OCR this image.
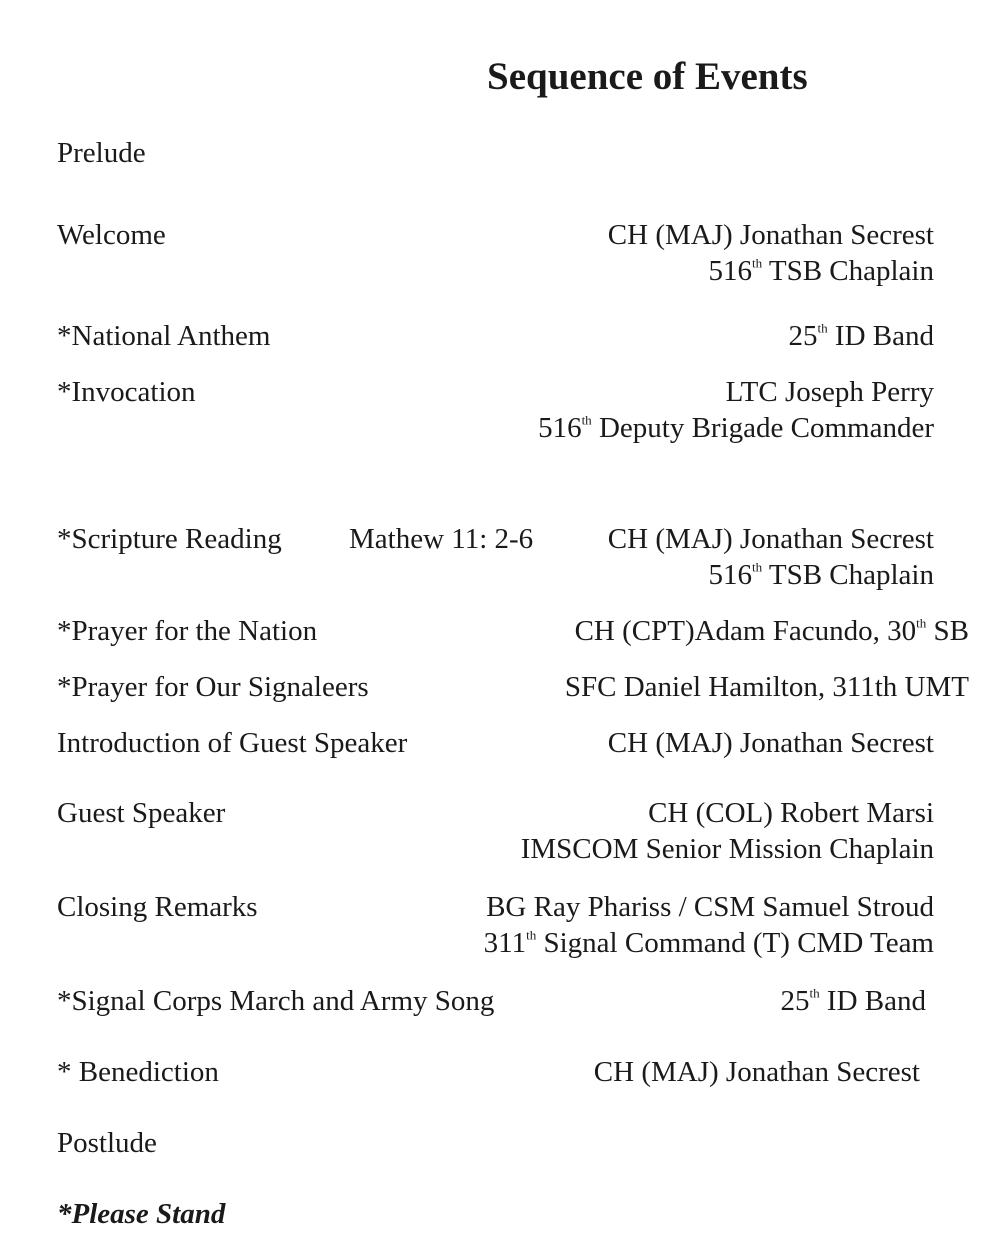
Sequence of Events
Prelude
Welcome	CH (MAJ) Jonathan Secrest
516th TSB Chaplain
*National Anthem	25th ID Band
*Invocation	LTC Joseph Perry
516th Deputy Brigade Commander
*Scripture Reading Mathew 11: 2-6	CH (MAJ) Jonathan Secrest
516th TSB Chaplain
*Prayer for the Nation	CH (CPT)Adam Facundo, 30th SB
*Prayer for Our Signaleers	SFC Daniel Hamilton, 311th UMT
Introduction of Guest Speaker	CH (MAJ) Jonathan Secrest
Guest Speaker	CH (COL) Robert Marsi
IMSCOM Senior Mission Chaplain
Closing Remarks	BG Ray Phariss / CSM Samuel Stroud
311th Signal Command (T) CMD Team
*Signal Corps March and Army Song	25th ID Band
* Benediction	CH (MAJ) Jonathan Secrest
Postlude
*Please Stand
